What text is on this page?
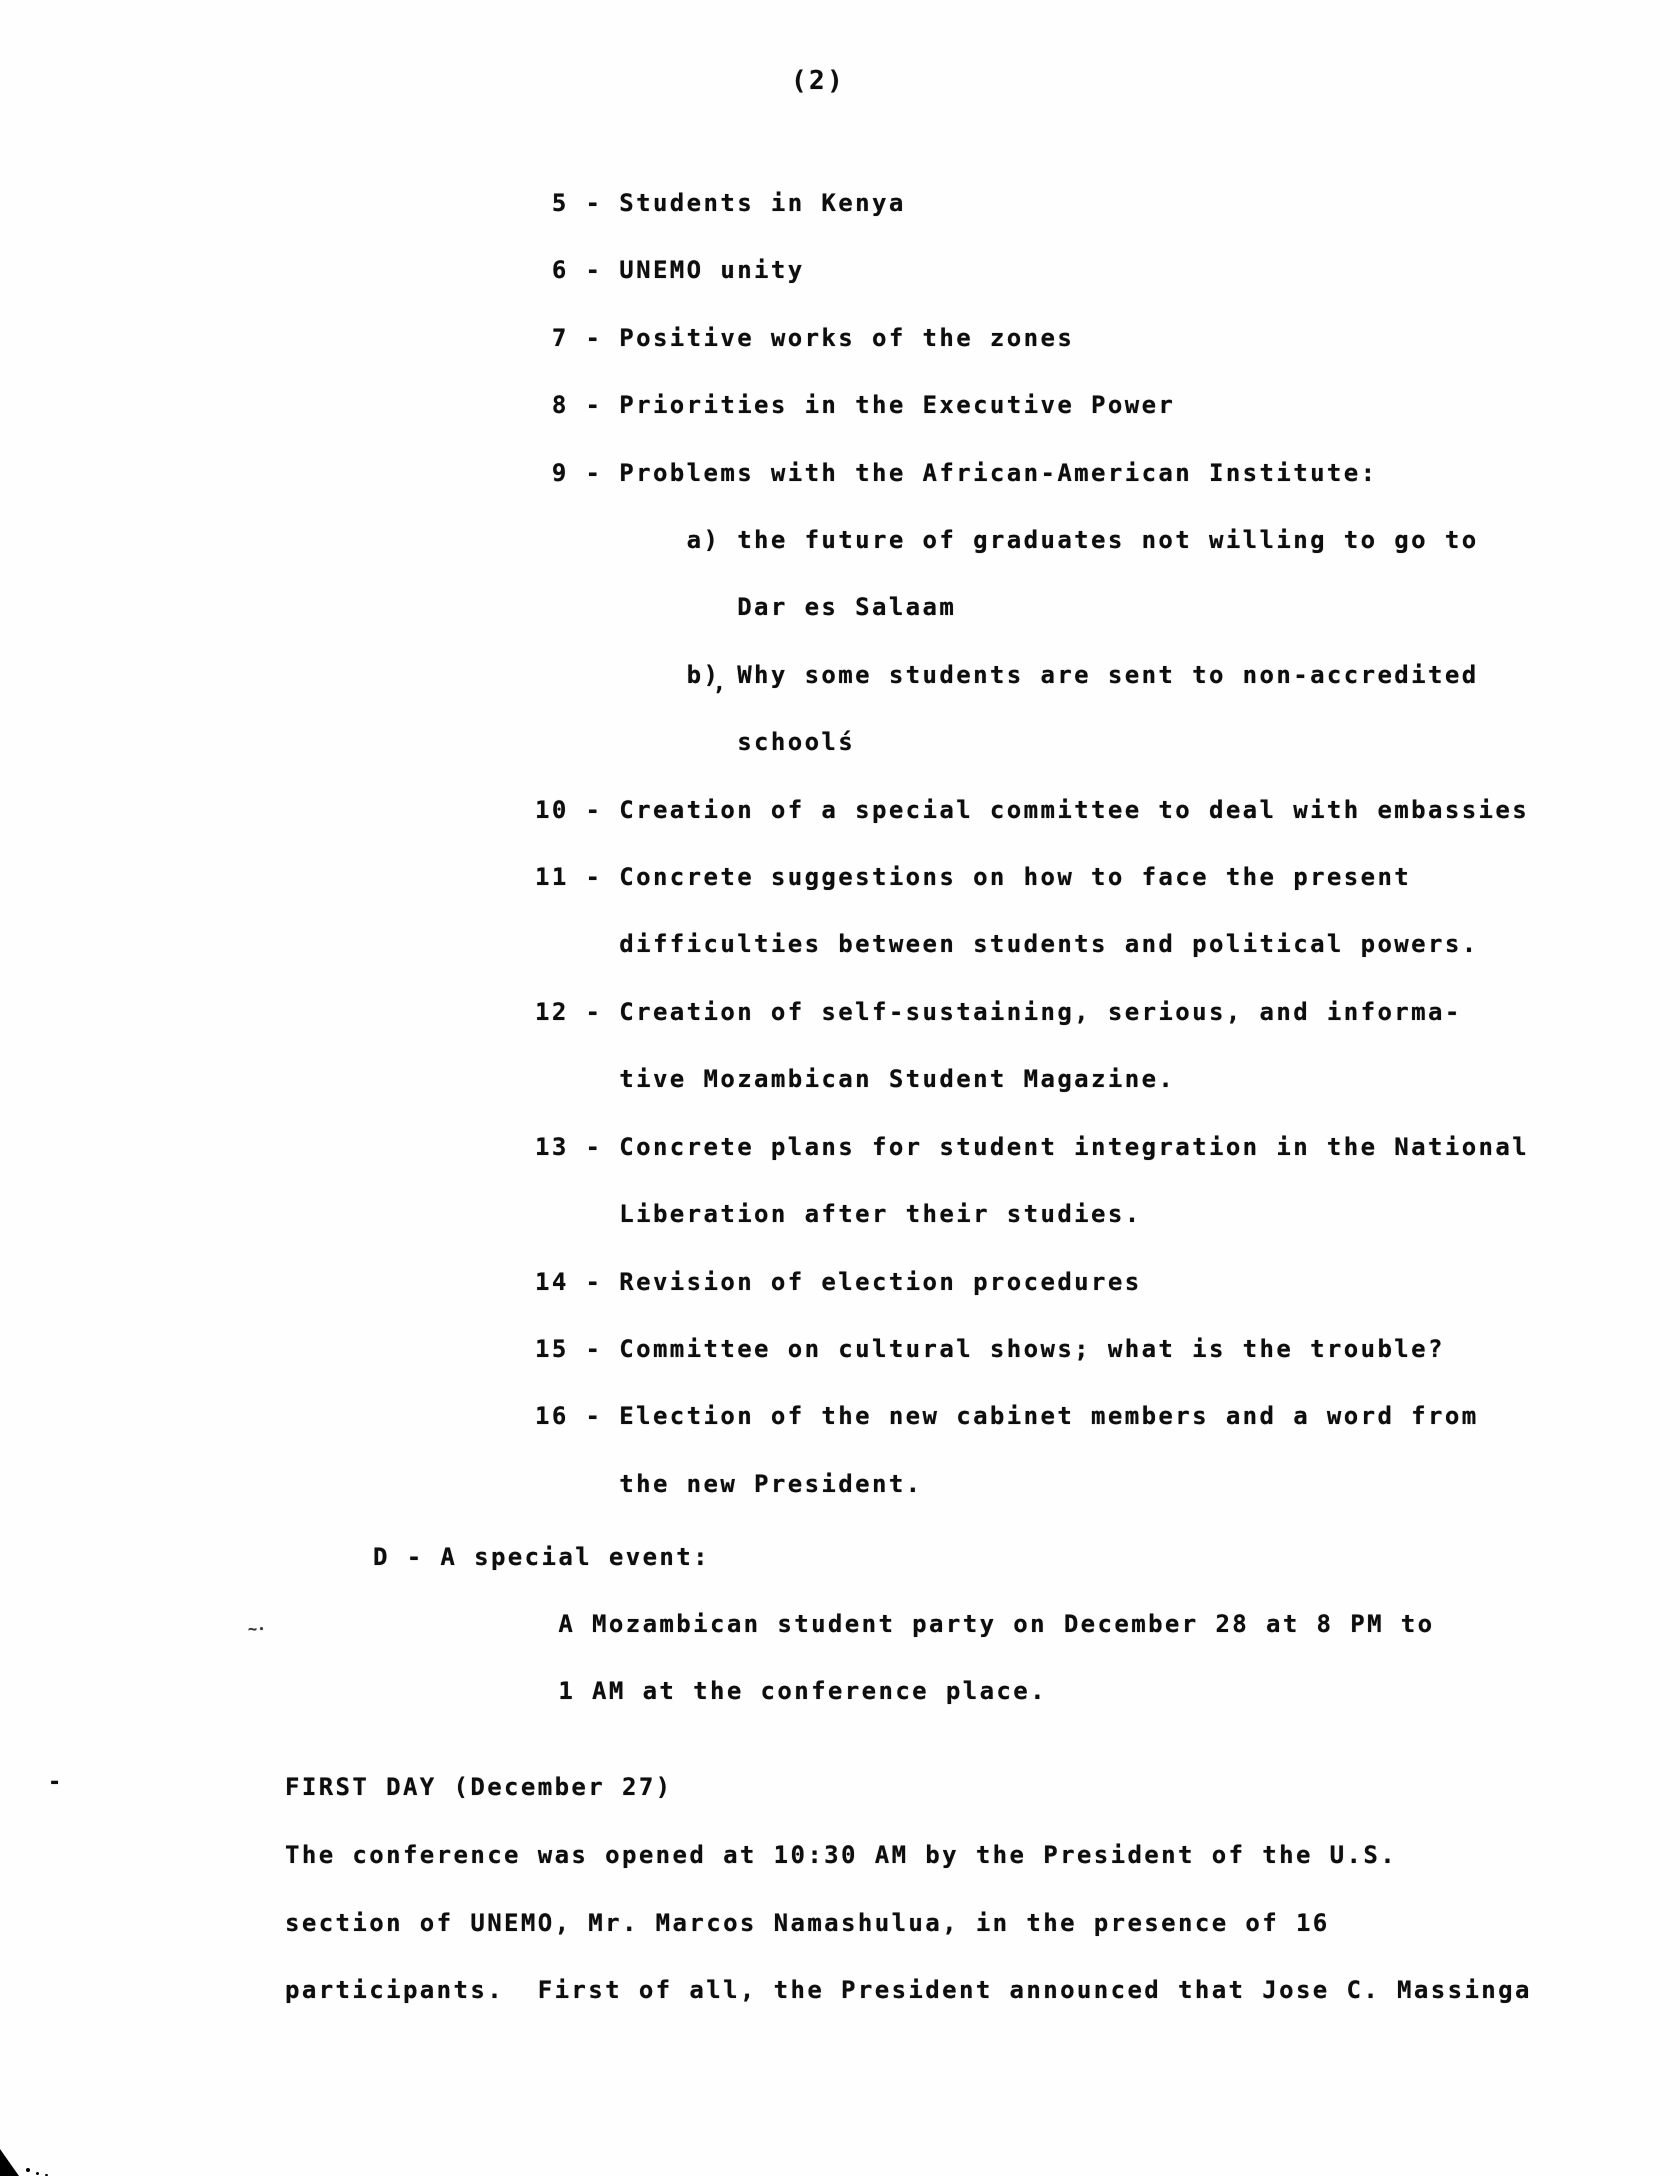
(2)
5 - Students in Kenya
6 - UNEMO unity
7 - Positive works of the zones
8 - Priorities in the Executive Power
9 - Problems with the African-American Institute:
a) the future of graduates not willing to go to
Dar es Salaam
b) Why some students are sent to non-accredited
schoolś
10 - Creation of a special committee to deal with embassies
11 - Concrete suggestions on how to face the present
difficulties between students and political powers.
12 - Creation of self-sustaining, serious, and informa-
tive Mozambican Student Magazine.
13 - Concrete plans for student integration in the National
Liberation after their studies.
14 - Revision of election procedures
15 - Committee on cultural shows; what is the trouble?
16 - Election of the new cabinet members and a word from
the new President.
D - A special event:
A Mozambican student party on December 28 at 8 PM to
1 AM at the conference place.
FIRST DAY (December 27)
The conference was opened at 10:30 AM by the President of the U.S.
section of UNEMO, Mr. Marcos Namashulua, in the presence of 16
participants.  First of all, the President announced that Jose C. Massinga
’
~·
-
